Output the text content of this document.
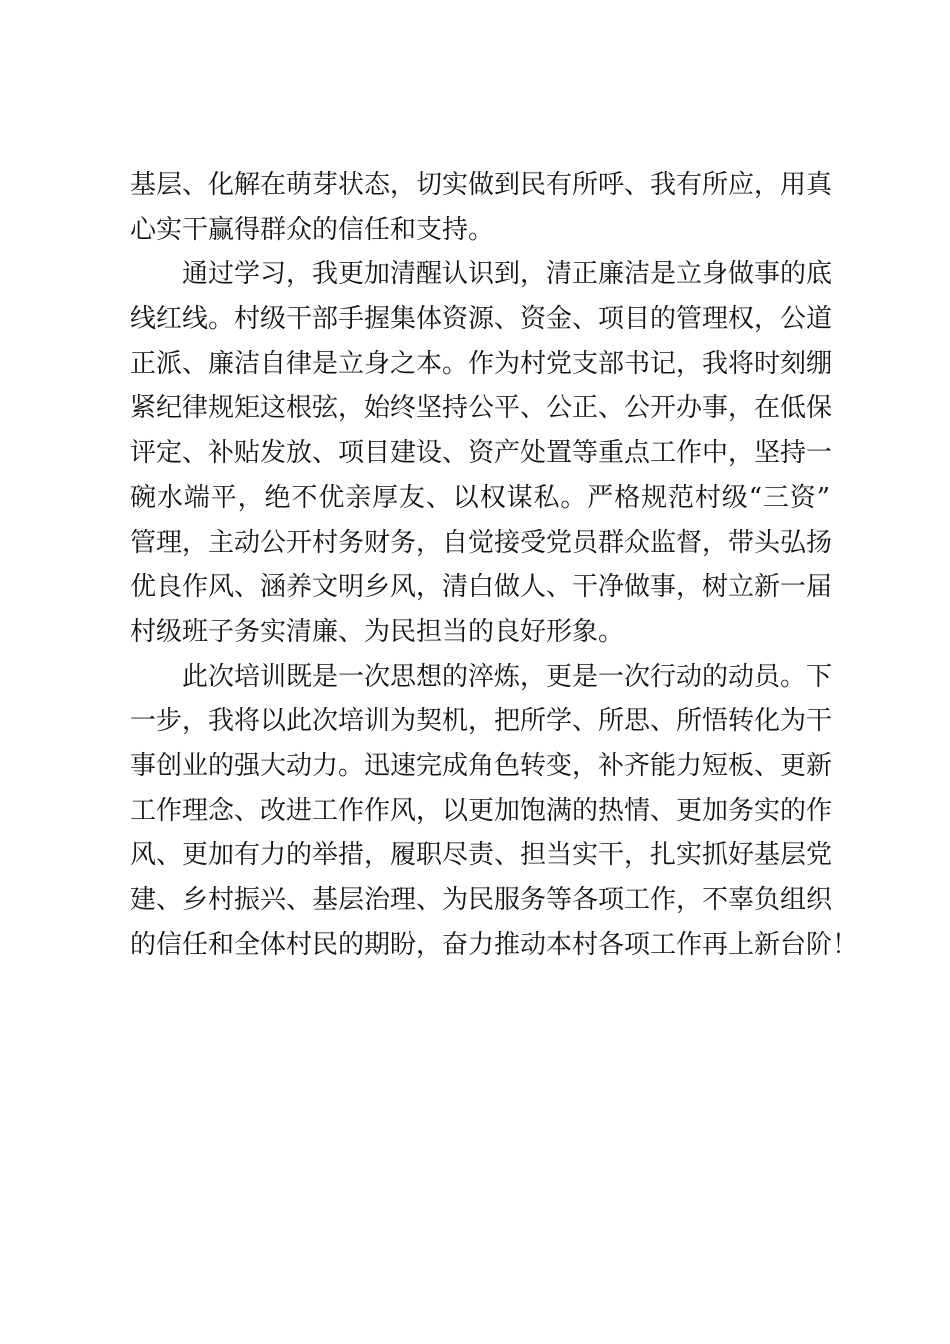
基层、化解在萌芽状态，切实做到民有所呼、我有所应，用真
心实干赢得群众的信任和支持。
通过学习，我更加清醒认识到，清正廉洁是立身做事的底
线红线。村级干部手握集体资源、资金、项目的管理权，公道
正派、廉洁自律是立身之本。作为村党支部书记，我将时刻绷
紧纪律规矩这根弦，始终坚持公平、公正、公开办事，在低保
评定、补贴发放、项目建设、资产处置等重点工作中，坚持一
碗水端平，绝不优亲厚友、以权谋私。严格规范村级“三资”
管理，主动公开村务财务，自觉接受党员群众监督，带头弘扬
优良作风、涵养文明乡风，清白做人、干净做事，树立新一届
村级班子务实清廉、为民担当的良好形象。
此次培训既是一次思想的淬炼，更是一次行动的动员。下
一步，我将以此次培训为契机，把所学、所思、所悟转化为干
事创业的强大动力。迅速完成角色转变，补齐能力短板、更新
工作理念、改进工作作风，以更加饱满的热情、更加务实的作
风、更加有力的举措，履职尽责、担当实干，扎实抓好基层党
建、乡村振兴、基层治理、为民服务等各项工作，不辜负组织
的信任和全体村民的期盼，奋力推动本村各项工作再上新台阶！
